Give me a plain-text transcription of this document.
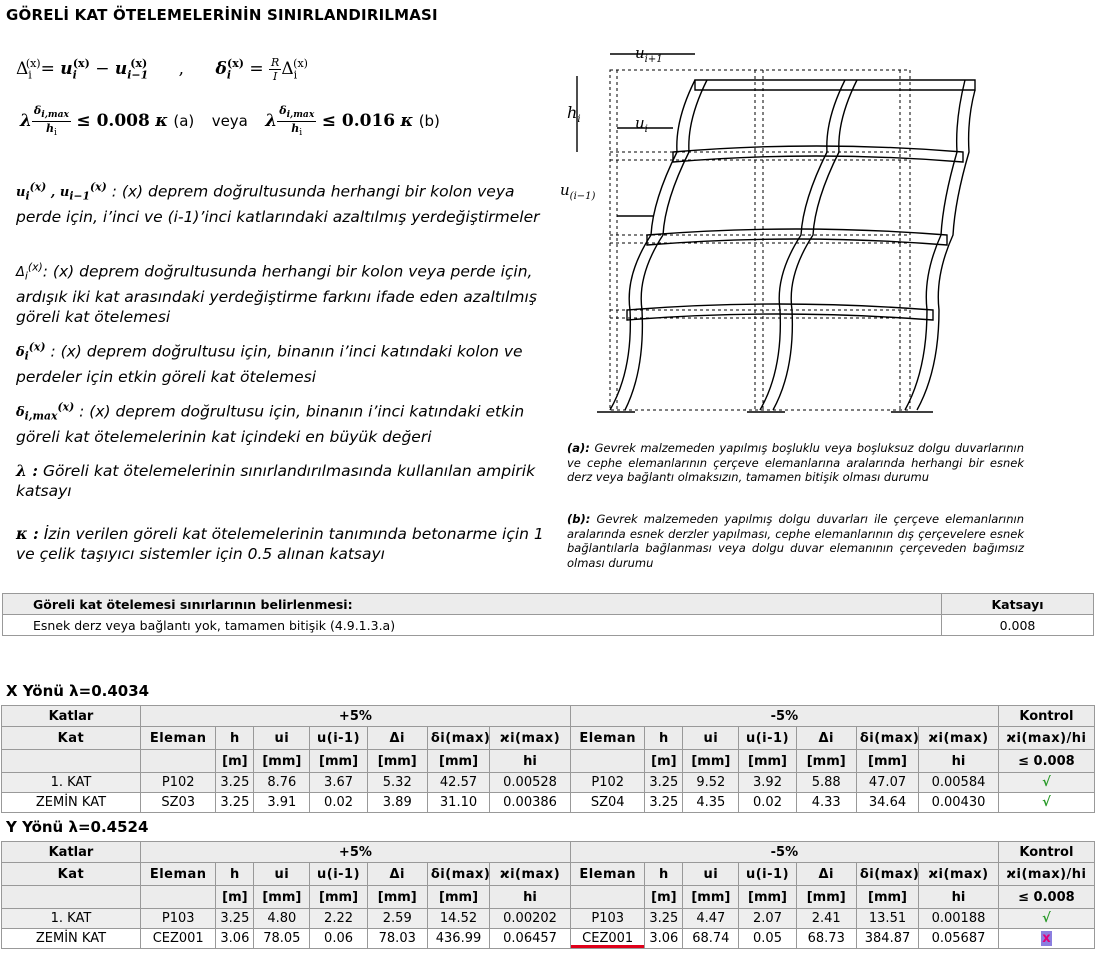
GÖRELİ KAT ÖTELEMELERİNİN SINIRLANDIRILMASI
$\Delta_i^{(x)}= u_i^{(x)} - u_{i-1}^{(x)}$ , $\delta_i^{(x)} = \frac{R}{I} \Delta_i^{(x)}$
λ $\frac{\delta_{i,max}}{h_i} \le 0.008$ κ (a) veya λ $\frac{\delta_{i,max}}{h_i} \le 0.016$ κ (b)

$u_i^{(x)}$ , $u_{i-1}^{(x)}$ : (x) deprem doğrultusunda herhangi bir kolon veya perde için, i’inci ve (i-1)’inci katlarındaki azaltılmış yerdeğiştirmeler

$\Delta_i^{(x)}$: (x) deprem doğrultusunda herhangi bir kolon veya perde için, ardışık iki kat arasındaki yerdeğiştirme farkını ifade eden azaltılmış göreli kat ötelemesi

$\delta_i^{(x)}$ : (x) deprem doğrultusu için, binanın i’inci katındaki kolon ve perdeler için etkin göreli kat ötelemesi

$\delta_{i,max}^{(x)}$ : (x) deprem doğrultusu için, binanın i’inci katındaki etkin göreli kat ötelemelerinin kat içindeki en büyük değeri

λ : Göreli kat ötelemelerinin sınırlandırılmasında kullanılan ampirik katsayı

κ : İzin verilen göreli kat ötelemelerinin tanımında betonarme için 1 ve çelik taşıyıcı sistemler için 0.5 alınan katsayı

$u_{i+1}$
$h_i$	$u_i$
$u_{(i-1)}$

(a): Gevrek malzemeden yapılmış boşluklu veya boşluksuz dolgu duvarlarının ve cephe elemanlarının çerçeve elemanlarına aralarında herhangi bir esnek derz veya bağlantı olmaksızın, tamamen bitişik olması durumu

(b): Gevrek malzemeden yapılmış dolgu duvarları ile çerçeve elemanlarının aralarında esnek derzler yapılması, cephe elemanlarının dış çerçevelere esnek bağlantılarla bağlanması veya dolgu duvar elemanının çerçeveden bağımsız olması durumu

Göreli kat ötelemesi sınırlarının belirlenmesi:	Katsayı
Esnek derz veya bağlantı yok, tamamen bitişik (4.9.1.3.a)	0.008
X Yönü λ=0.4034
Katlar	+5%							-5%							Kontrol
Kat	Eleman	h	ui	u(i-1)	Δi	δi(max)	ϰi(max)	Eleman	h	ui	u(i-1)	Δi	δi(max)	ϰi(max)	ϰi(max)/hi
		[m]	[mm]	[mm]	[mm]	[mm]	hi		[m]	[mm]	[mm]	[mm]	[mm]	hi	≤ 0.008
1. KAT	P102	3.25	8.76	3.67	5.32	42.57	0.00528	P102	3.25	9.52	3.92	5.88	47.07	0.00584	√
ZEMİN KAT	SZ03	3.25	3.91	0.02	3.89	31.10	0.00386	SZ04	3.25	4.35	0.02	4.33	34.64	0.00430	√
Y Yönü λ=0.4524
Katlar	+5%							-5%							Kontrol
Kat	Eleman	h	ui	u(i-1)	Δi	δi(max)	ϰi(max)	Eleman	h	ui	u(i-1)	Δi	δi(max)	ϰi(max)	ϰi(max)/hi
		[m]	[mm]	[mm]	[mm]	[mm]	hi		[m]	[mm]	[mm]	[mm]	[mm]	hi	≤ 0.008
1. KAT	P103	3.25	4.80	2.22	2.59	14.52	0.00202	P103	3.25	4.47	2.07	2.41	13.51	0.00188	√
ZEMİN KAT	CEZ001	3.06	78.05	0.06	78.03	436.99	0.06457	CEZ001	3.06	68.74	0.05	68.73	384.87	0.05687	x
